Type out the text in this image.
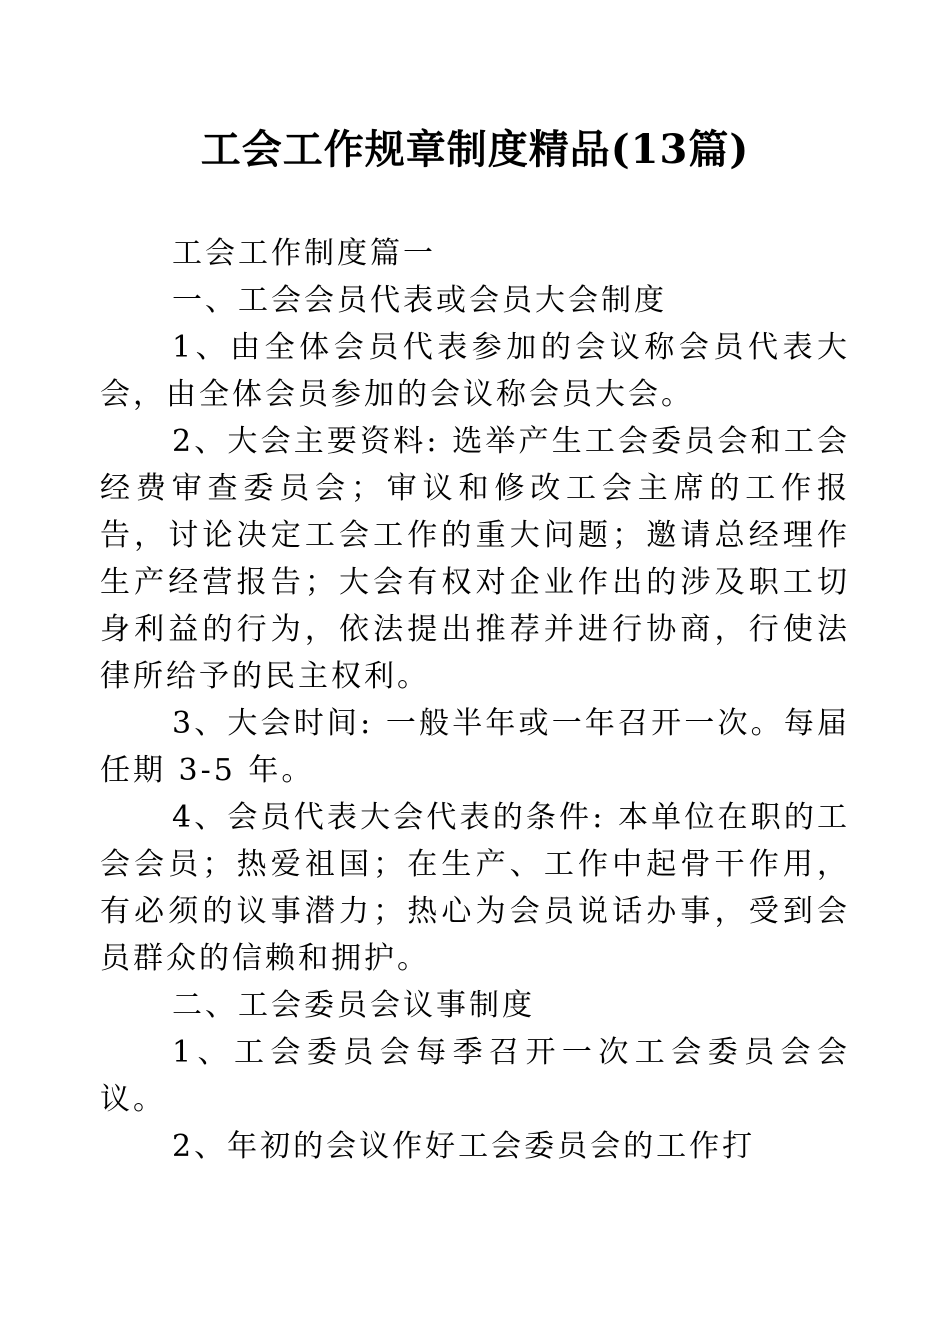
工会工作规章制度精品(13篇)

工会工作制度篇一

一、工会会员代表或会员大会制度

1、由全体会员代表参加的会议称会员代表大会，由全体会员参加的会议称会员大会。

2、大会主要资料: 选举产生工会委员会和工会经费审查委员会；审议和修改工会主席的工作报告，讨论决定工会工作的重大问题；邀请总经理作生产经营报告；大会有权对企业作出的涉及职工切身利益的行为，依法提出推荐并进行协商，行使法律所给予的民主权利。

3、大会时间: 一般半年或一年召开一次。每届任期 3-5 年。

4、会员代表大会代表的条件: 本单位在职的工会会员；热爱祖国；在生产、工作中起骨干作用，有必须的议事潜力；热心为会员说话办事，受到会员群众的信赖和拥护。

二、工会委员会议事制度

1、工会委员会每季召开一次工会委员会会议。

2、年初的会议作好工会委员会的工作打
